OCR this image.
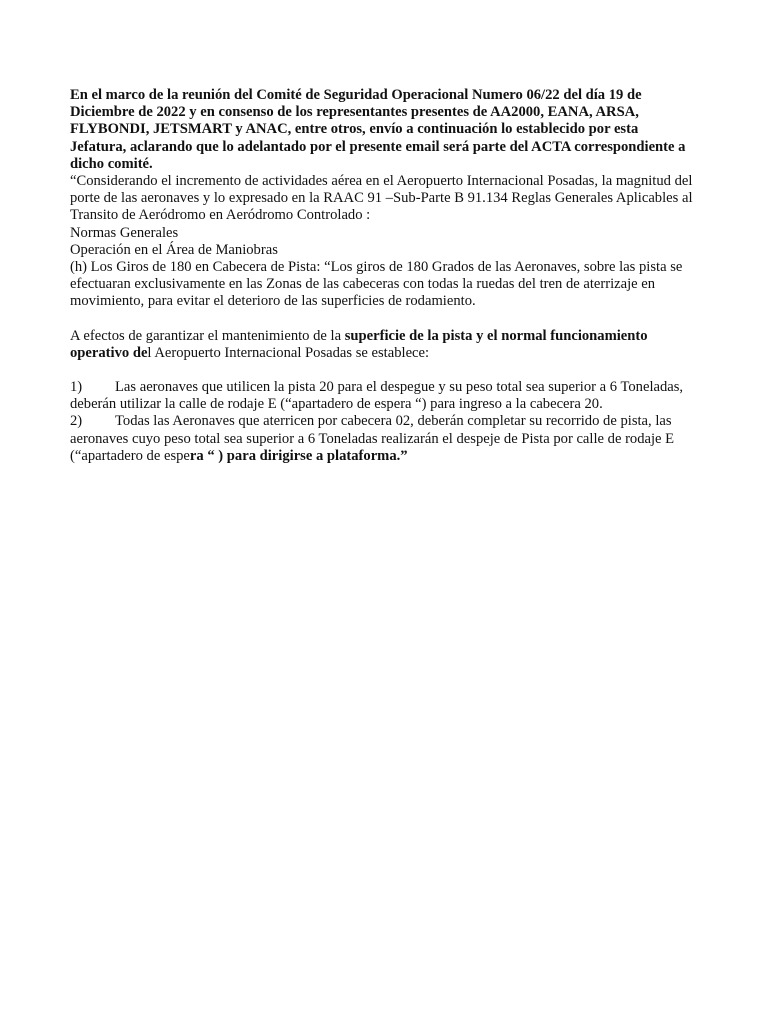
En el marco de la reunión del Comité de Seguridad Operacional Numero 06/22 del día 19 de Diciembre de 2022 y en consenso de los representantes presentes de AA2000, EANA, ARSA, FLYBONDI, JETSMART y ANAC, entre otros, envío a continuación lo establecido por esta Jefatura, aclarando que lo adelantado por el presente email será parte del ACTA correspondiente a dicho comité.

“Considerando el incremento de actividades aérea en el Aeropuerto Internacional Posadas, la magnitud del porte de las aeronaves y lo expresado en la RAAC 91 –Sub-Parte B 91.134 Reglas Generales Aplicables al Transito de Aeródromo en Aeródromo Controlado :

Normas Generales

Operación en el Área de Maniobras

(h) Los Giros de 180 en Cabecera de Pista: “Los giros de 180 Grados de las Aeronaves, sobre las pista se efectuaran exclusivamente en las Zonas de las cabeceras con todas la ruedas del tren de aterrizaje en movimiento, para evitar el deterioro de las superficies de rodamiento.

A efectos de garantizar el mantenimiento de la superficie de la pista y el normal funcionamiento operativo del Aeropuerto Internacional Posadas se establece:

1) Las aeronaves que utilicen la pista 20 para el despegue y su peso total sea superior a 6 Toneladas, deberán utilizar la calle de rodaje E (“apartadero de espera “) para ingreso a la cabecera 20.

2) Todas las Aeronaves que aterricen por cabecera 02, deberán completar su recorrido de pista, las aeronaves cuyo peso total sea superior a 6 Toneladas realizarán el despeje de Pista por calle de rodaje E (“apartadero de espera “ ) para dirigirse a plataforma.”
